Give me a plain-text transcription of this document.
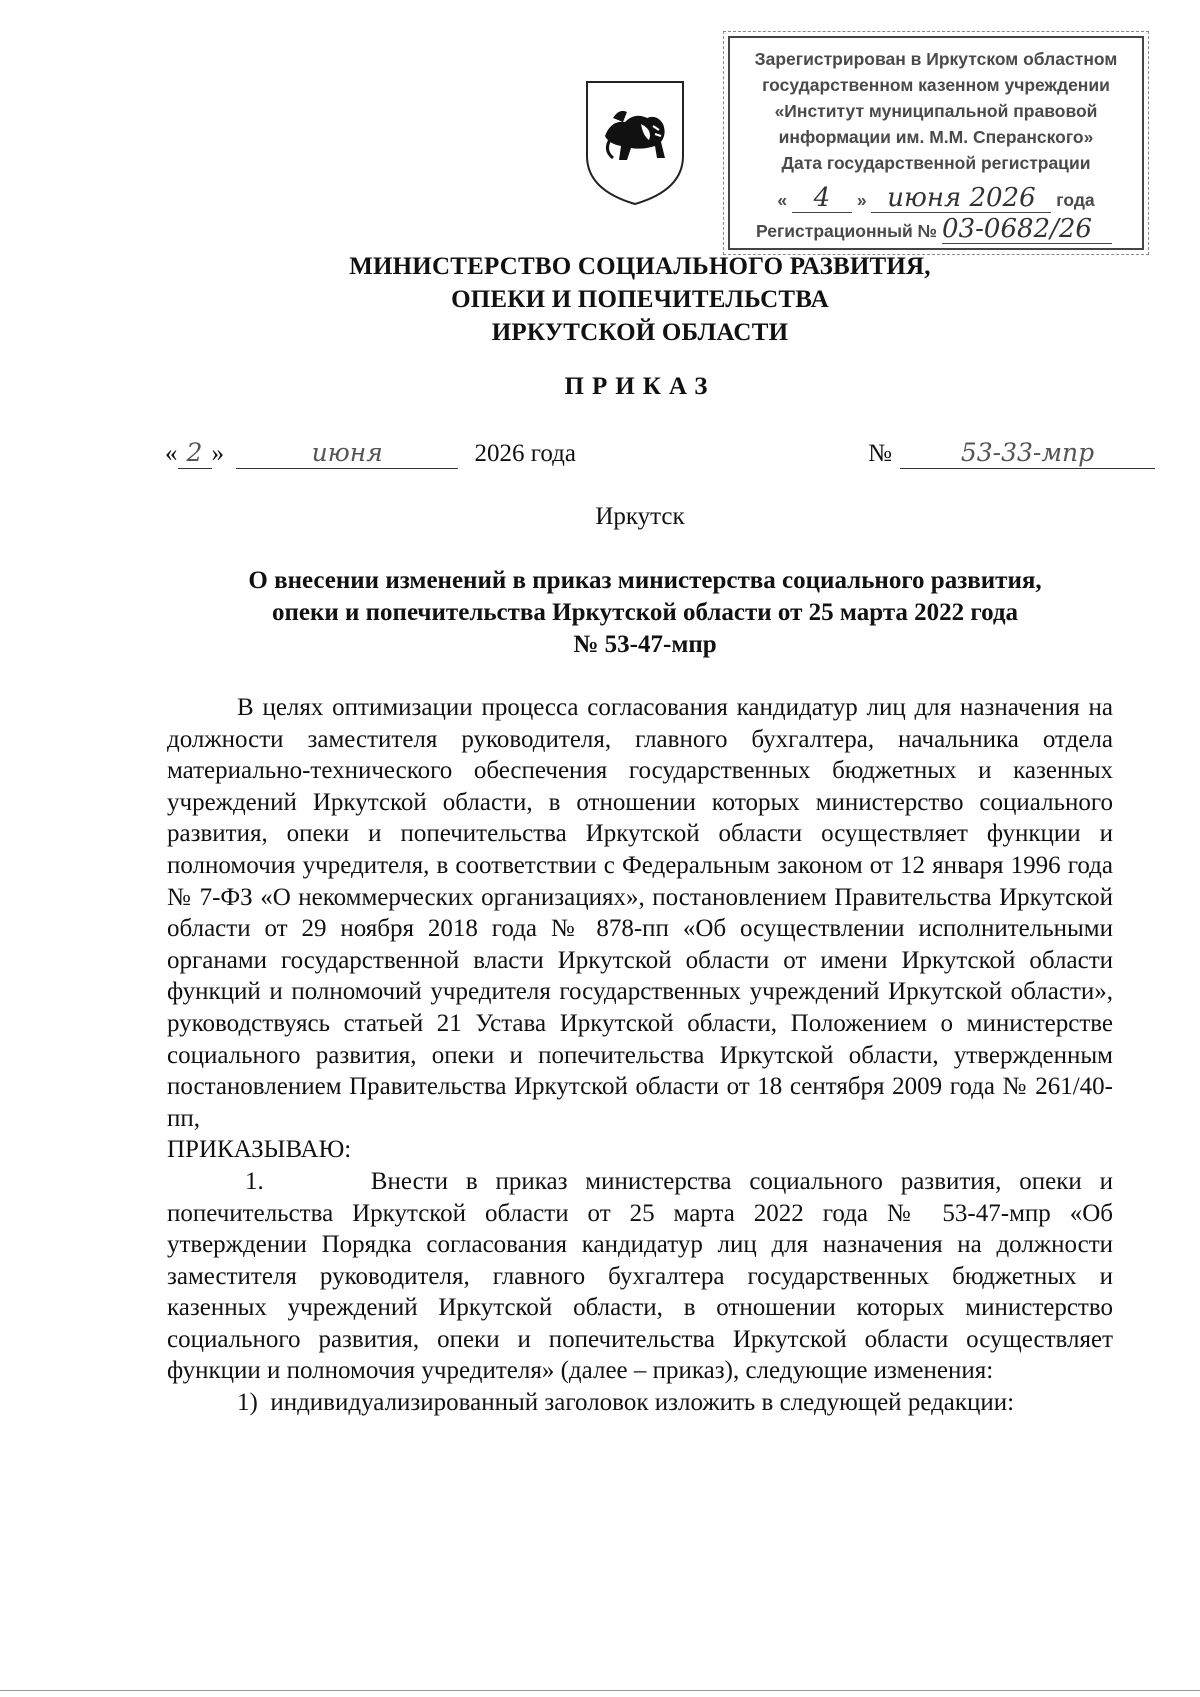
Зарегистрирован в Иркутском областном
государственном казенном учреждении
«Институт муниципальной правовой
информации им. М.М. Сперанского»
Дата государственной регистрации
« 4 » июня 2026 года
Регистрационный № 03-0682/26
МИНИСТЕРСТВО СОЦИАЛЬНОГО РАЗВИТИЯ,
ОПЕКИ И ПОПЕЧИТЕЛЬСТВА
ИРКУТСКОЙ ОБЛАСТИ
ПРИКАЗ
« 2 »	июня	2026 года	№	53-33-мпр
Иркутск
О внесении изменений в приказ министерства социального развития,
опеки и попечительства Иркутской области от 25 марта 2022 года
№ 53-47-мпр

В целях оптимизации процесса согласования кандидатур лиц для назначения на должности заместителя руководителя, главного бухгалтера, начальника отдела материально-технического обеспечения государственных бюджетных и казенных учреждений Иркутской области, в отношении которых министерство социального развития, опеки и попечительства Иркутской области осуществляет функции и полномочия учредителя, в соответствии с Федеральным законом от 12 января 1996 года № 7-ФЗ «О некоммерческих организациях», постановлением Правительства Иркутской области от 29 ноября 2018 года № 878-пп «Об осуществлении исполнительными органами государственной власти Иркутской области от имени Иркутской области функций и полномочий учредителя государственных учреждений Иркутской области», руководствуясь статьей 21 Устава Иркутской области, Положением о министерстве социального развития, опеки и попечительства Иркутской области, утвержденным постановлением Правительства Иркутской области от 18 сентября 2009 года № 261/40-пп,

ПРИКАЗЫВАЮ:

1.      Внести в приказ министерства социального развития, опеки и попечительства Иркутской области от 25 марта 2022 года № 53-47-мпр «Об утверждении Порядка согласования кандидатур лиц для назначения на должности заместителя руководителя, главного бухгалтера государственных бюджетных и казенных учреждений Иркутской области, в отношении которых министерство социального развития, опеки и попечительства Иркутской области осуществляет функции и полномочия учредителя» (далее – приказ), следующие изменения:

1)  индивидуализированный заголовок изложить в следующей редакции:
